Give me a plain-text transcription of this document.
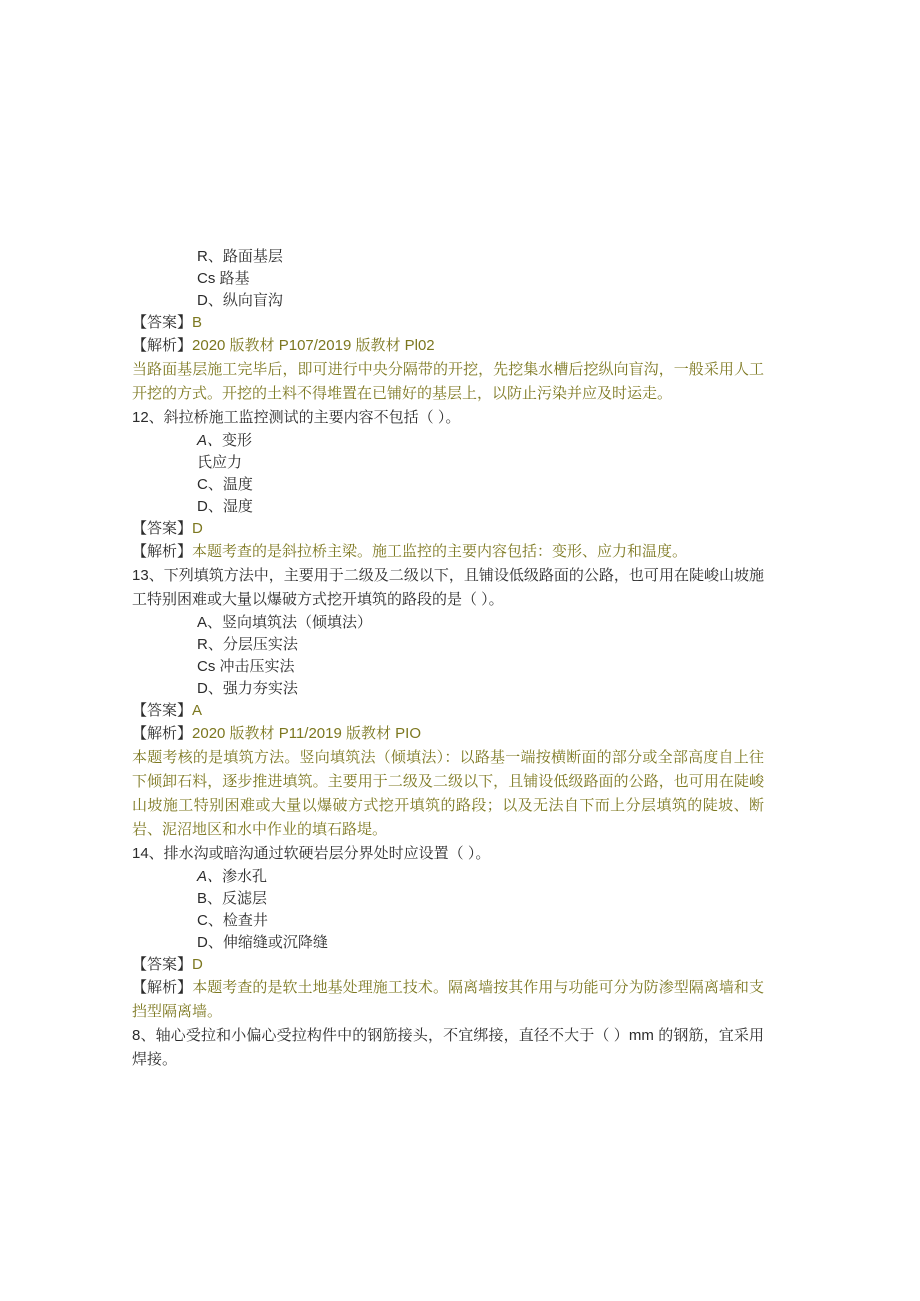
R、路面基层
Cs 路基
D、纵向盲沟
【答案】B
【解析】2020 版教材 P107/2019 版教材 Pl02
当路面基层施工完毕后，即可进行中央分隔带的开挖，先挖集水槽后挖纵向盲沟，一般采用人工开挖的方式。开挖的土料不得堆置在已铺好的基层上，以防止污染并应及时运走。
12、斜拉桥施工监控测试的主要内容不包括（ ）。
A、变形
氏应力
C、温度
D、湿度
【答案】D
【解析】本题考查的是斜拉桥主梁。施工监控的主要内容包括：变形、应力和温度。
13、下列填筑方法中，主要用于二级及二级以下，且铺设低级路面的公路，也可用在陡峻山坡施工特别困难或大量以爆破方式挖开填筑的路段的是（ ）。
A、竖向填筑法（倾填法）
R、分层压实法
Cs 冲击压实法
D、强力夯实法
【答案】A
【解析】2020 版教材 P11/2019 版教材 PIO
本题考核的是填筑方法。竖向填筑法（倾填法）：以路基一端按横断面的部分或全部高度自上往下倾卸石料，逐步推进填筑。主要用于二级及二级以下，且铺设低级路面的公路，也可用在陡峻山坡施工特别困难或大量以爆破方式挖开填筑的路段；以及无法自下而上分层填筑的陡坡、断岩、泥沼地区和水中作业的填石路堤。
14、排水沟或暗沟通过软硬岩层分界处时应设置（ ）。
A、渗水孔
B、反滤层
C、检查井
D、伸缩缝或沉降缝
【答案】D
【解析】本题考查的是软土地基处理施工技术。隔离墙按其作用与功能可分为防渗型隔离墙和支挡型隔离墙。
8、轴心受拉和小偏心受拉构件中的钢筋接头，不宜绑接，直径不大于（ ）mm 的钢筋，宜采用焊接。
